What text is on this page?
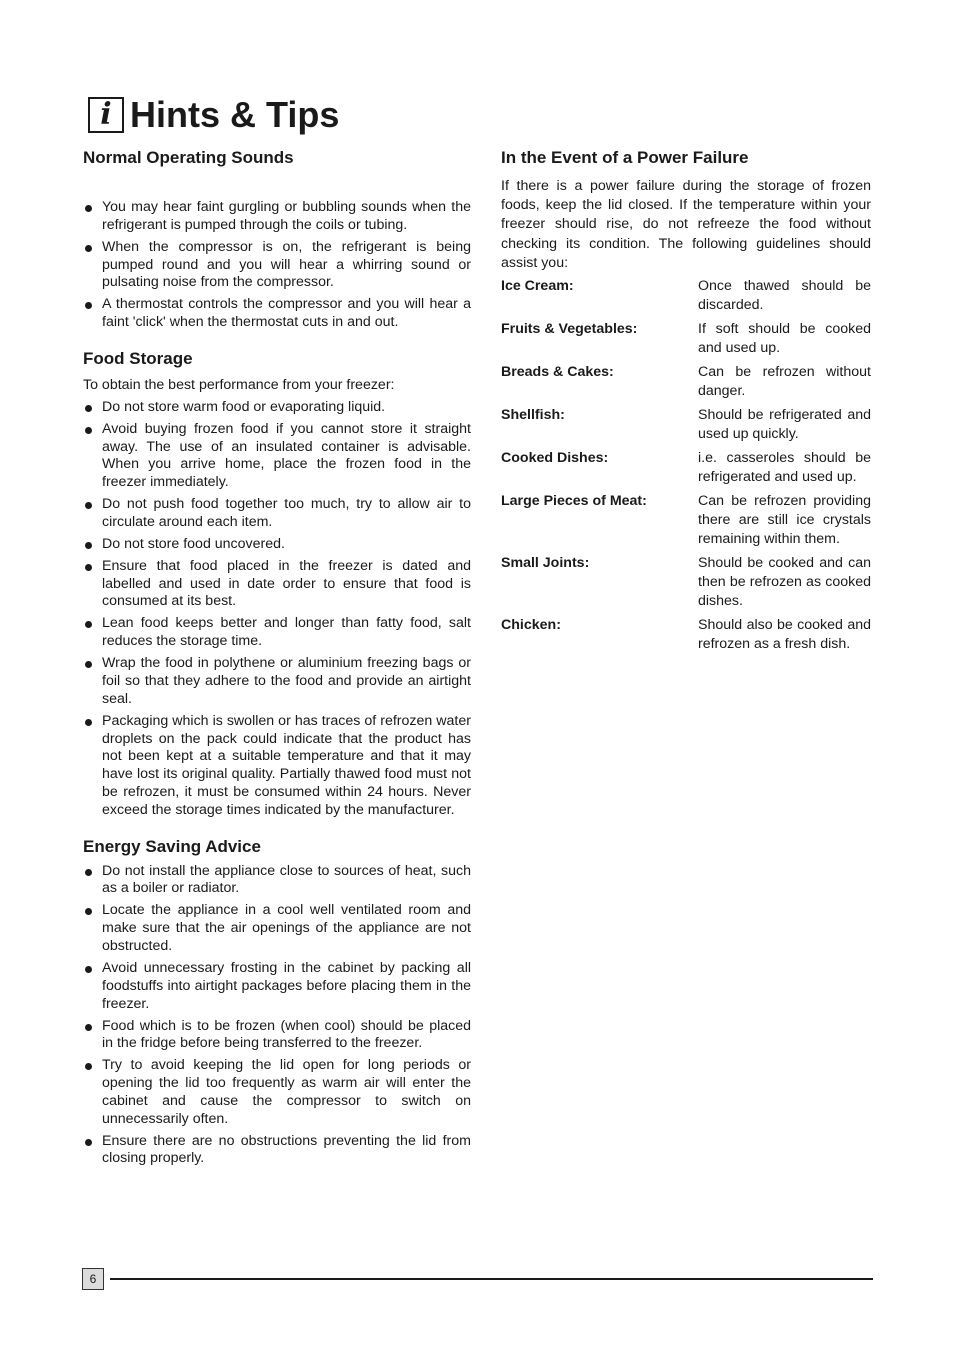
i Hints & Tips
Normal Operating Sounds
You may hear faint gurgling or bubbling sounds when the refrigerant is pumped through the coils or tubing.
When the compressor is on, the refrigerant is being pumped round and you will hear a whirring sound or pulsating noise from the compressor.
A thermostat controls the compressor and you will hear a faint 'click' when the thermostat cuts in and out.
Food Storage

To obtain the best performance from your freezer:

Do not store warm food or evaporating liquid.
Avoid buying frozen food if you cannot store it straight away. The use of an insulated container is advisable. When you arrive home, place the frozen food in the freezer immediately.
Do not push food together too much, try to allow air to circulate around each item.
Do not store food uncovered.
Ensure that food placed in the freezer is dated and labelled and used in date order to ensure that food is consumed at its best.
Lean food keeps better and longer than fatty food, salt reduces the storage time.
Wrap the food in polythene or aluminium freezing bags or foil so that they adhere to the food and provide an airtight seal.
Packaging which is swollen or has traces of refrozen water droplets on the pack could indicate that the product has not been kept at a suitable temperature and that it may have lost its original quality. Partially thawed food must not be refrozen, it must be consumed within 24 hours. Never exceed the storage times indicated by the manufacturer.
Energy Saving Advice
Do not install the appliance close to sources of heat, such as a boiler or radiator.
Locate the appliance in a cool well ventilated room and make sure that the air openings of the appliance are not obstructed.
Avoid unnecessary frosting in the cabinet by packing all foodstuffs into airtight packages before placing them in the freezer.
Food which is to be frozen (when cool) should be placed in the fridge before being transferred to the freezer.
Try to avoid keeping the lid open for long periods or opening the lid too frequently as warm air will enter the cabinet and cause the compressor to switch on unnecessarily often.
Ensure there are no obstructions preventing the lid from closing properly.
In the Event of a Power Failure

If there is a power failure during the storage of frozen foods, keep the lid closed. If the temperature within your freezer should rise, do not refreeze the food without checking its condition. The following guidelines should assist you:

Ice Cream:	Once thawed should be discarded.
Fruits & Vegetables:	If soft should be cooked and used up.
Breads & Cakes:	Can be refrozen without danger.
Shellfish:	Should be refrigerated and used up quickly.
Cooked Dishes:	i.e. casseroles should be refrigerated and used up.
Large Pieces of Meat:	Can be refrozen providing there are still ice crystals remaining within them.
Small Joints:	Should be cooked and can then be refrozen as cooked dishes.
Chicken:	Should also be cooked and refrozen as a fresh dish.
6
